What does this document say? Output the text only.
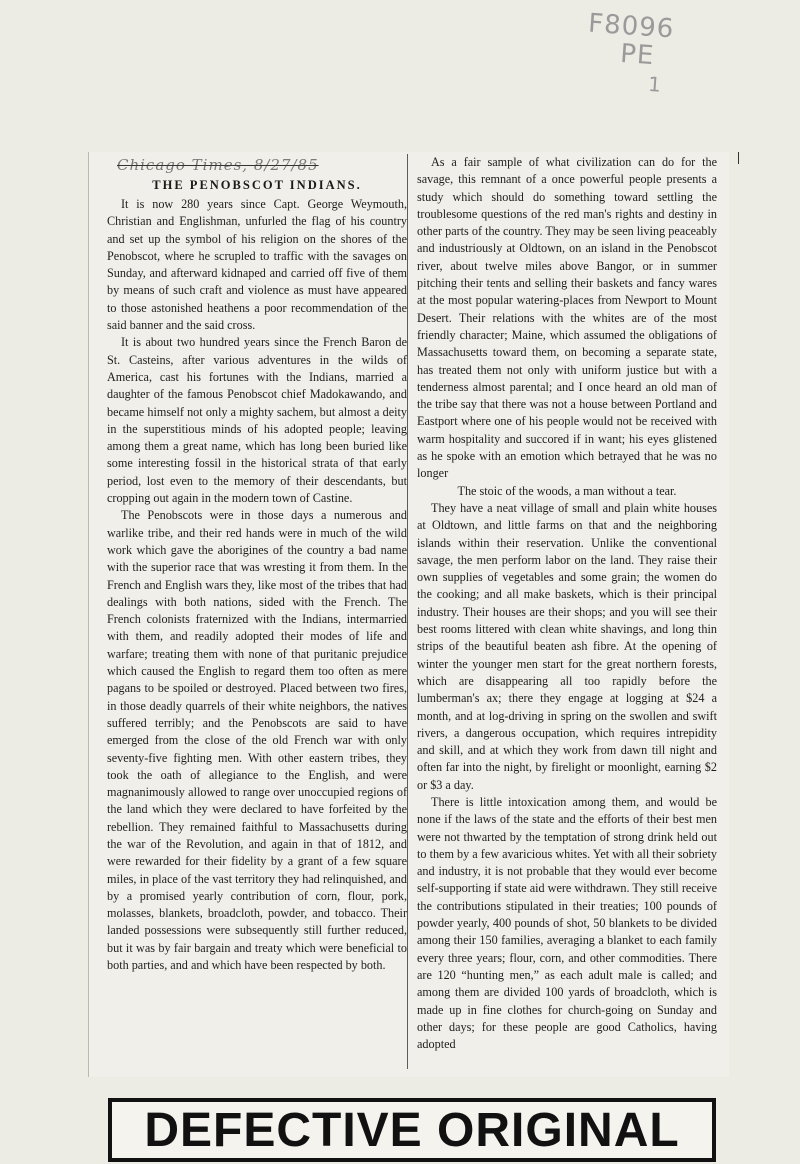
F8096
PE
1
Chicago Times, 8/27/85
THE PENOBSCOT INDIANS.

It is now 280 years since Capt. George Weymouth, Christian and Englishman, unfurled the flag of his country and set up the symbol of his religion on the shores of the Penobscot, where he scrupled to traffic with the savages on Sunday, and afterward kidnaped and carried off five of them by means of such craft and violence as must have appeared to those astonished heathens a poor recommendation of the said banner and the said cross.

It is about two hundred years since the French Baron de St. Casteins, after various adventures in the wilds of America, cast his fortunes with the Indians, married a daughter of the famous Penobscot chief Madokawando, and became himself not only a mighty sachem, but almost a deity in the superstitious minds of his adopted people; leaving among them a great name, which has long been buried like some interesting fossil in the historical strata of that early period, lost even to the memory of their descendants, but cropping out again in the modern town of Castine.

The Penobscots were in those days a numerous and warlike tribe, and their red hands were in much of the wild work which gave the aborigines of the country a bad name with the superior race that was wresting it from them. In the French and English wars they, like most of the tribes that had dealings with both nations, sided with the French. The French colonists fraternized with the Indians, intermarried with them, and readily adopted their modes of life and warfare; treating them with none of that puritanic prejudice which caused the English to regard them too often as mere pagans to be spoiled or destroyed. Placed between two fires, in those deadly quarrels of their white neighbors, the natives suffered terribly; and the Penobscots are said to have emerged from the close of the old French war with only seventy-five fighting men. With other eastern tribes, they took the oath of allegiance to the English, and were magnanimously allowed to range over unoccupied regions of the land which they were declared to have forfeited by the rebellion. They remained faithful to Massachusetts during the war of the Revolution, and again in that of 1812, and were rewarded for their fidelity by a grant of a few square miles, in place of the vast territory they had relinquished, and by a promised yearly contribution of corn, flour, pork, molasses, blankets, broadcloth, powder, and tobacco. Their landed possessions were subsequently still further reduced, but it was by fair bargain and treaty which were beneficial to both parties, and and which have been respected by both.

As a fair sample of what civilization can do for the savage, this remnant of a once powerful people presents a study which should do something toward settling the troublesome questions of the red man's rights and destiny in other parts of the country. They may be seen living peaceably and industriously at Oldtown, on an island in the Penobscot river, about twelve miles above Bangor, or in summer pitching their tents and selling their baskets and fancy wares at the most popular watering-places from Newport to Mount Desert. Their relations with the whites are of the most friendly character; Maine, which assumed the obligations of Massachusetts toward them, on becoming a separate state, has treated them not only with uniform justice but with a tenderness almost parental; and I once heard an old man of the tribe say that there was not a house between Portland and Eastport where one of his people would not be received with warm hospitality and succored if in want; his eyes glistened as he spoke with an emotion which betrayed that he was no longer

The stoic of the woods, a man without a tear.

They have a neat village of small and plain white houses at Oldtown, and little farms on that and the neighboring islands within their reservation. Unlike the conventional savage, the men perform labor on the land. They raise their own supplies of vegetables and some grain; the women do the cooking; and all make baskets, which is their principal industry. Their houses are their shops; and you will see their best rooms littered with clean white shavings, and long thin strips of the beautiful beaten ash fibre. At the opening of winter the younger men start for the great northern forests, which are disappearing all too rapidly before the lumberman's ax; there they engage at logging at $24 a month, and at log-driving in spring on the swollen and swift rivers, a dangerous occupation, which requires intrepidity and skill, and at which they work from dawn till night and often far into the night, by firelight or moonlight, earning $2 or $3 a day.

There is little intoxication among them, and would be none if the laws of the state and the efforts of their best men were not thwarted by the temptation of strong drink held out to them by a few avaricious whites. Yet with all their sobriety and industry, it is not probable that they would ever become self-supporting if state aid were withdrawn. They still receive the contributions stipulated in their treaties; 100 pounds of powder yearly, 400 pounds of shot, 50 blankets to be divided among their 150 families, averaging a blanket to each family every three years; flour, corn, and other commodities. There are 120 “hunting men,” as each adult male is called; and among them are divided 100 yards of broadcloth, which is made up in fine clothes for church-going on Sunday and other days; for these people are good Catholics, having adopted

DEFECTIVE ORIGINAL
